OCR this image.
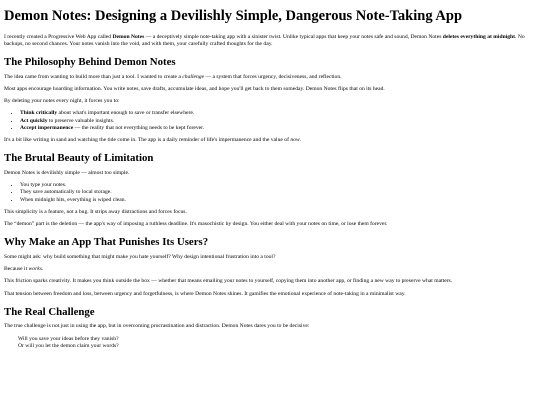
Demon Notes: Designing a Devilishly Simple, Dangerous Note-Taking App

I recently created a Progressive Web App called Demon Notes — a deceptively simple note-taking app with a sinister twist. Unlike typical apps that keep your notes safe and sound, Demon Notes deletes everything at midnight. No backups, no second chances. Your notes vanish into the void, and with them, your carefully crafted thoughts for the day.

The Philosophy Behind Demon Notes

The idea came from wanting to build more than just a tool. I wanted to create a challenge — a system that forces urgency, decisiveness, and reflection.

Most apps encourage hoarding information. You write notes, save drafts, accumulate ideas, and hope you'll get back to them someday. Demon Notes flips that on its head.

By deleting your notes every night, it forces you to:

• Think critically about what's important enough to save or transfer elsewhere.
• Act quickly to preserve valuable insights.
• Accept impermanence — the reality that not everything needs to be kept forever.

It's a bit like writing in sand and watching the tide come in. The app is a daily reminder of life's impermanence and the value of now.

The Brutal Beauty of Limitation

Demon Notes is devilishly simple — almost too simple.

• You type your notes.
• They save automatically to local storage.
• When midnight hits, everything is wiped clean.

This simplicity is a feature, not a bug. It strips away distractions and forces focus.

The “demon” part is the deletion — the app's way of imposing a ruthless deadline. It's masochistic by design. You either deal with your notes on time, or lose them forever.

Why Make an App That Punishes Its Users?

Some might ask: why build something that might make you hate yourself? Why design intentional frustration into a tool?

Because it works.

This friction sparks creativity. It makes you think outside the box — whether that means emailing your notes to yourself, copying them into another app, or finding a new way to preserve what matters.

That tension between freedom and loss, between urgency and forgetfulness, is where Demon Notes shines. It gamifies the emotional experience of note-taking in a minimalist way.

The Real Challenge

The true challenge is not just in using the app, but in overcoming procrastination and distraction. Demon Notes dares you to be decisive:

Will you save your ideas before they vanish?
Or will you let the demon claim your words?
